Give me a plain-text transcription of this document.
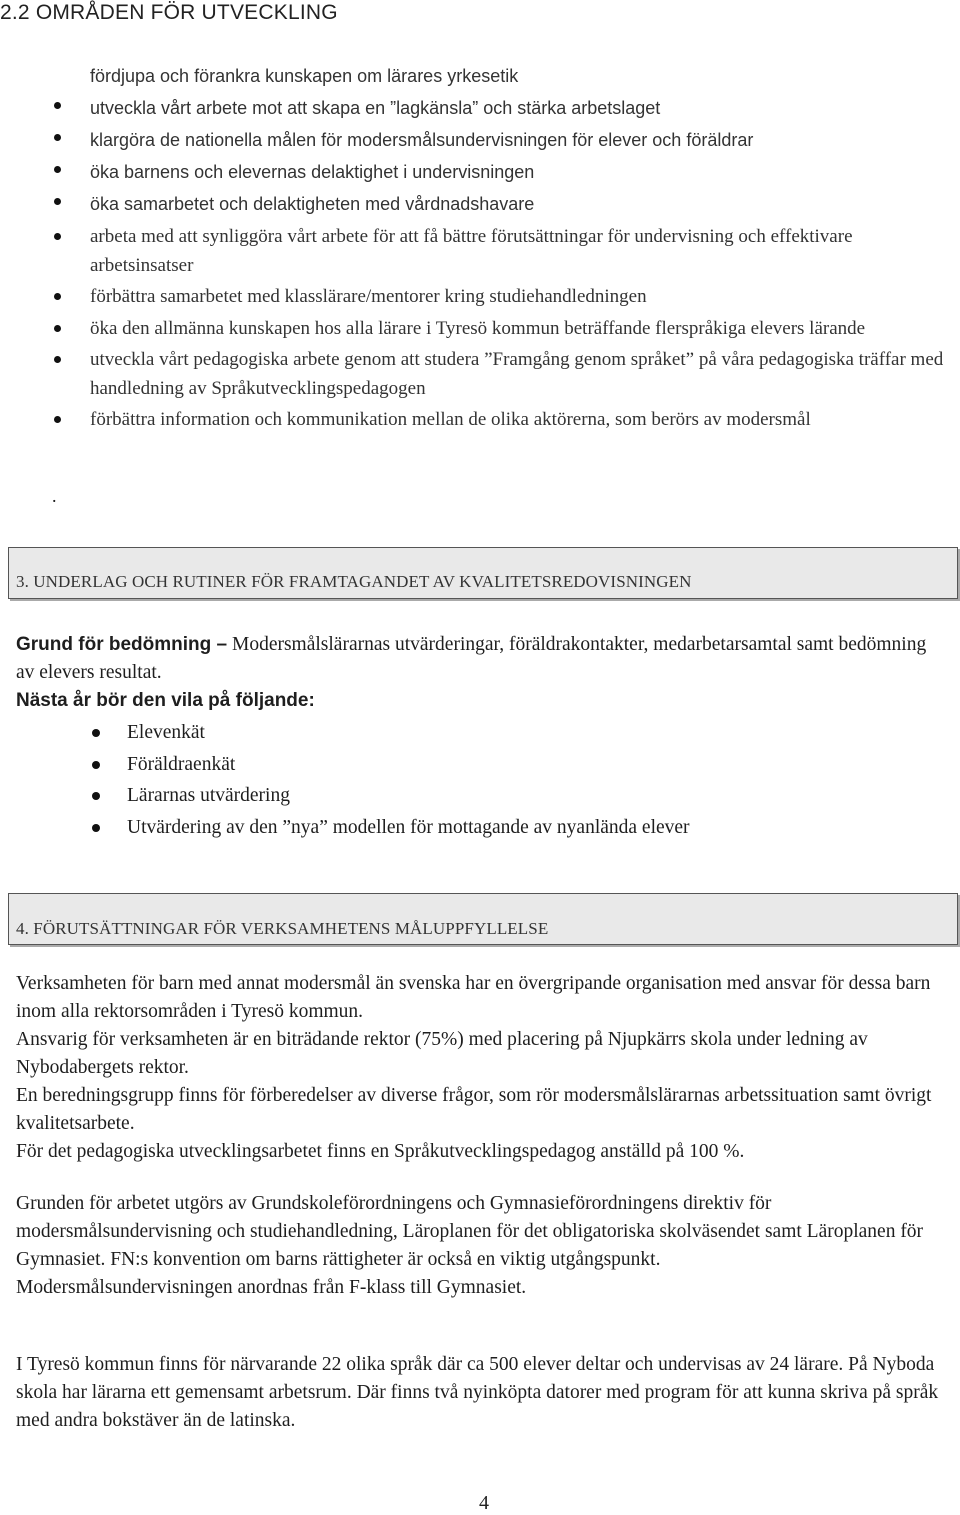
2.2 OMRÅDEN FÖR UTVECKLING
fördjupa och förankra kunskapen om lärares yrkesetik
utveckla vårt arbete mot att skapa en ”lagkänsla” och stärka arbetslaget
klargöra de nationella målen för modersmålsundervisningen för elever och föräldrar
öka barnens och elevernas delaktighet i undervisningen
öka samarbetet och delaktigheten med vårdnadshavare
arbeta med att synliggöra vårt arbete för att få bättre förutsättningar för undervisning och effektivare arbetsinsatser
förbättra samarbetet med klasslärare/mentorer kring studiehandledningen
öka den allmänna kunskapen hos alla lärare i Tyresö kommun beträffande flerspråkiga elevers lärande
utveckla vårt pedagogiska arbete genom att studera ”Framgång genom språket” på våra pedagogiska träffar med handledning av Språkutvecklingspedagogen
förbättra information och kommunikation mellan de olika aktörerna, som berörs av modersmål
.
3. UNDERLAG OCH RUTINER FÖR FRAMTAGANDET AV KVALITETSREDOVISNINGEN

Grund för bedömning – Modersmålslärarnas utvärderingar, föräldrakontakter, medarbetarsamtal samt bedömning av elevers resultat.

Nästa år bör den vila på följande:

Elevenkät
Föräldraenkät
Lärarnas utvärdering
Utvärdering av den ”nya” modellen för mottagande av nyanlända elever
4. FÖRUTSÄTTNINGAR FÖR VERKSAMHETENS MÅLUPPFYLLELSE

Verksamheten för barn med annat modersmål än svenska har en övergripande organisation med ansvar för dessa barn inom alla rektorsområden i Tyresö kommun.

Ansvarig för verksamheten är en biträdande rektor (75%) med placering på Njupkärrs skola under ledning av Nybodabergets rektor.

En beredningsgrupp finns för förberedelser av diverse frågor, som rör modersmålslärarnas arbetssituation samt övrigt kvalitetsarbete.

För det pedagogiska utvecklingsarbetet finns en Språkutvecklingspedagog anställd på 100 %.

Grunden för arbetet utgörs av Grundskoleförordningens och Gymnasieförordningens direktiv för modersmålsundervisning och studiehandledning, Läroplanen för det obligatoriska skolväsendet samt Läroplanen för Gymnasiet. FN:s konvention om barns rättigheter är också en viktig utgångspunkt.

Modersmålsundervisningen anordnas från F-klass till Gymnasiet.

I Tyresö kommun finns för närvarande 22 olika språk där ca 500 elever deltar och undervisas av 24 lärare. På Nyboda skola har lärarna ett gemensamt arbetsrum. Där finns två nyinköpta datorer med program för att kunna skriva på språk med andra bokstäver än de latinska.

4
